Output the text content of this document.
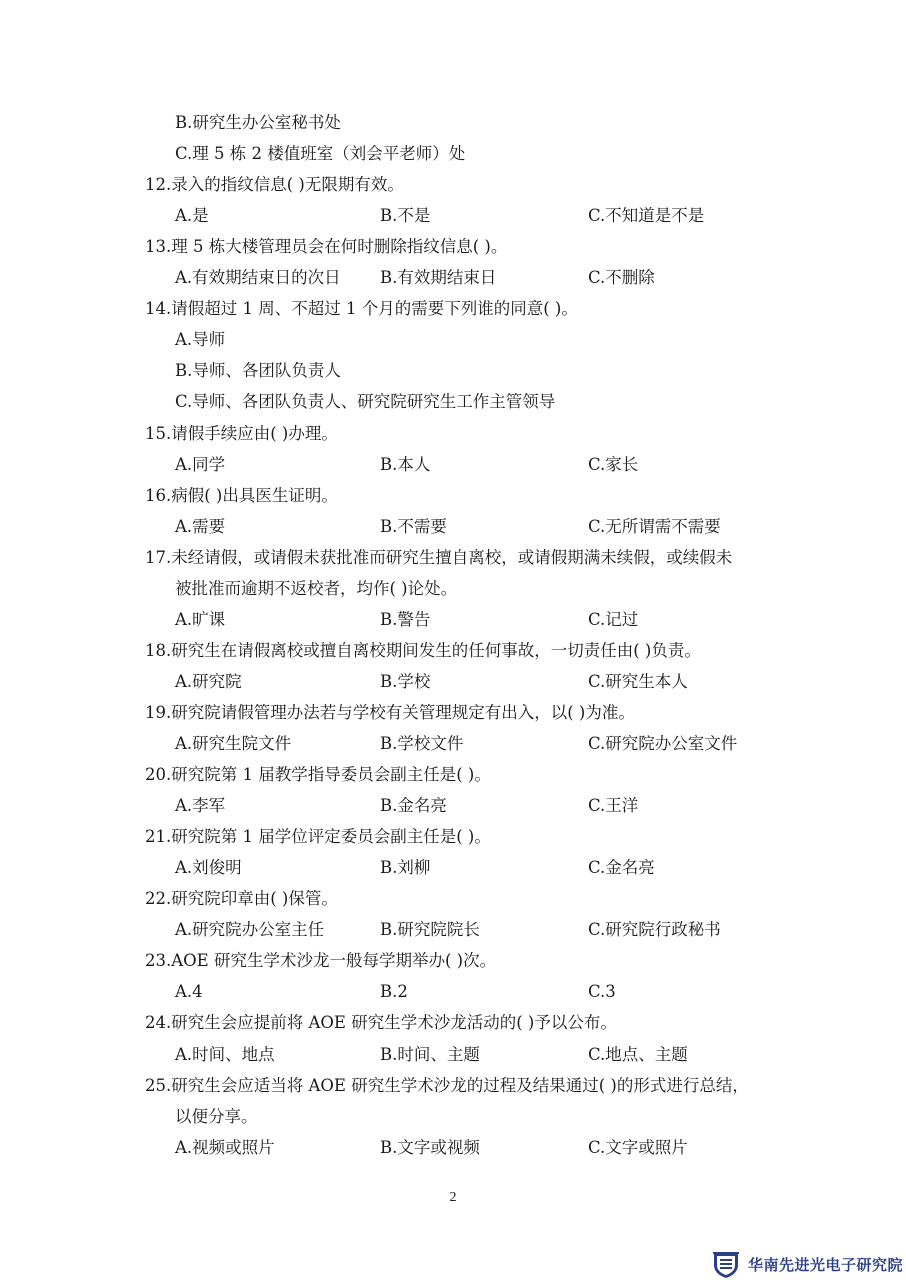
B.研究生办公室秘书处
C.理 5 栋 2 楼值班室（刘会平老师）处
12.录入的指纹信息( )无限期有效。
A.是	B.不是	C.不知道是不是
13.理 5 栋大楼管理员会在何时删除指纹信息( )。
A.有效期结束日的次日 B.有效期结束日	C.不删除
14.请假超过 1 周、不超过 1 个月的需要下列谁的同意( )。
A.导师
B.导师、各团队负责人
C.导师、各团队负责人、研究院研究生工作主管领导
15.请假手续应由( )办理。
A.同学	B.本人	C.家长
16.病假( )出具医生证明。
A.需要	B.不需要	C.无所谓需不需要
17.未经请假，或请假未获批准而研究生擅自离校，或请假期满未续假，或续假未
被批准而逾期不返校者，均作( )论处。
A.旷课	B.警告	C.记过
18.研究生在请假离校或擅自离校期间发生的任何事故，一切责任由( )负责。
A.研究院	B.学校	C.研究生本人
19.研究院请假管理办法若与学校有关管理规定有出入，以( )为准。
A.研究生院文件	B.学校文件	C.研究院办公室文件
20.研究院第 1 届教学指导委员会副主任是( )。
A.李军	B.金名亮	C.王洋
21.研究院第 1 届学位评定委员会副主任是( )。
A.刘俊明	B.刘柳	C.金名亮
22.研究院印章由( )保管。
A.研究院办公室主任	B.研究院院长	C.研究院行政秘书
23.AOE 研究生学术沙龙一般每学期举办( )次。
A.4	B.2	C.3
24.研究生会应提前将 AOE 研究生学术沙龙活动的( )予以公布。
A.时间、地点	B.时间、主题	C.地点、主题
25.研究生会应适当将 AOE 研究生学术沙龙的过程及结果通过( )的形式进行总结，
以便分享。
A.视频或照片	B.文字或视频	C.文字或照片
2
华南先进光电子研究院
